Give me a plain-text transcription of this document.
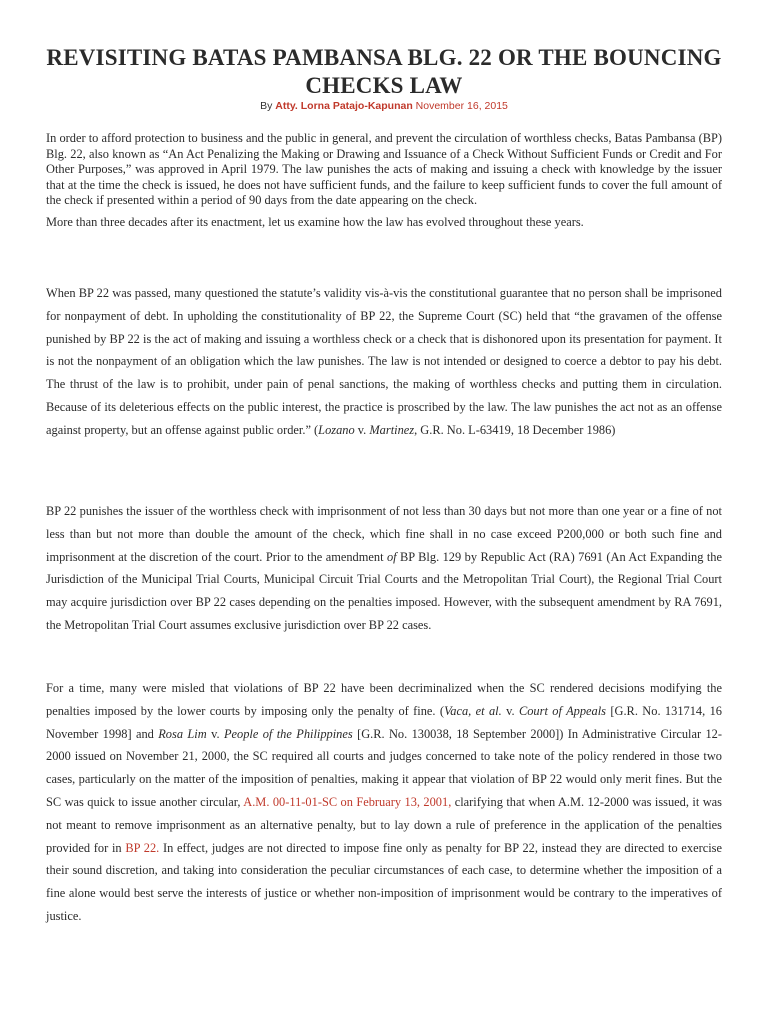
REVISITING BATAS PAMBANSA BLG. 22 OR THE BOUNCING CHECKS LAW
By Atty. Lorna Patajo-Kapunan November 16, 2015

In order to afford protection to business and the public in general, and prevent the circulation of worthless checks, Batas Pambansa (BP) Blg. 22, also known as “An Act Penalizing the Making or Drawing and Issuance of a Check Without Sufficient Funds or Credit and For Other Purposes,” was approved in April 1979. The law punishes the acts of making and issuing a check with knowledge by the issuer that at the time the check is issued, he does not have sufficient funds, and the failure to keep sufficient funds to cover the full amount of the check if presented within a period of 90 days from the date appearing on the check.

More than three decades after its enactment, let us examine how the law has evolved throughout these years.

When BP 22 was passed, many questioned the statute’s validity vis-à-vis the constitutional guarantee that no person shall be imprisoned for nonpayment of debt. In upholding the constitutionality of BP 22, the Supreme Court (SC) held that “the gravamen of the offense punished by BP 22 is the act of making and issuing a worthless check or a check that is dishonored upon its presentation for payment. It is not the nonpayment of an obligation which the law punishes. The law is not intended or designed to coerce a debtor to pay his debt. The thrust of the law is to prohibit, under pain of penal sanctions, the making of worthless checks and putting them in circulation. Because of its deleterious effects on the public interest, the practice is proscribed by the law. The law punishes the act not as an offense against property, but an offense against public order.” (Lozano v. Martinez, G.R. No. L-63419, 18 December 1986)

BP 22 punishes the issuer of the worthless check with imprisonment of not less than 30 days but not more than one year or a fine of not less than but not more than double the amount of the check, which fine shall in no case exceed P200,000 or both such fine and imprisonment at the discretion of the court. Prior to the amendment of BP Blg. 129 by Republic Act (RA) 7691 (An Act Expanding the Jurisdiction of the Municipal Trial Courts, Municipal Circuit Trial Courts and the Metropolitan Trial Court), the Regional Trial Court may acquire jurisdiction over BP 22 cases depending on the penalties imposed. However, with the subsequent amendment by RA 7691, the Metropolitan Trial Court assumes exclusive jurisdiction over BP 22 cases.

For a time, many were misled that violations of BP 22 have been decriminalized when the SC rendered decisions modifying the penalties imposed by the lower courts by imposing only the penalty of fine. (Vaca, et al. v. Court of Appeals [G.R. No. 131714, 16 November 1998] and Rosa Lim v. People of the Philippines [G.R. No. 130038, 18 September 2000]) In Administrative Circular 12-2000 issued on November 21, 2000, the SC required all courts and judges concerned to take note of the policy rendered in those two cases, particularly on the matter of the imposition of penalties, making it appear that violation of BP 22 would only merit fines. But the SC was quick to issue another circular, A.M. 00-11-01-SC on February 13, 2001, clarifying that when A.M. 12-2000 was issued, it was not meant to remove imprisonment as an alternative penalty, but to lay down a rule of preference in the application of the penalties provided for in BP 22. In effect, judges are not directed to impose fine only as penalty for BP 22, instead they are directed to exercise their sound discretion, and taking into consideration the peculiar circumstances of each case, to determine whether the imposition of a fine alone would best serve the interests of justice or whether non-imposition of imprisonment would be contrary to the imperatives of justice.
